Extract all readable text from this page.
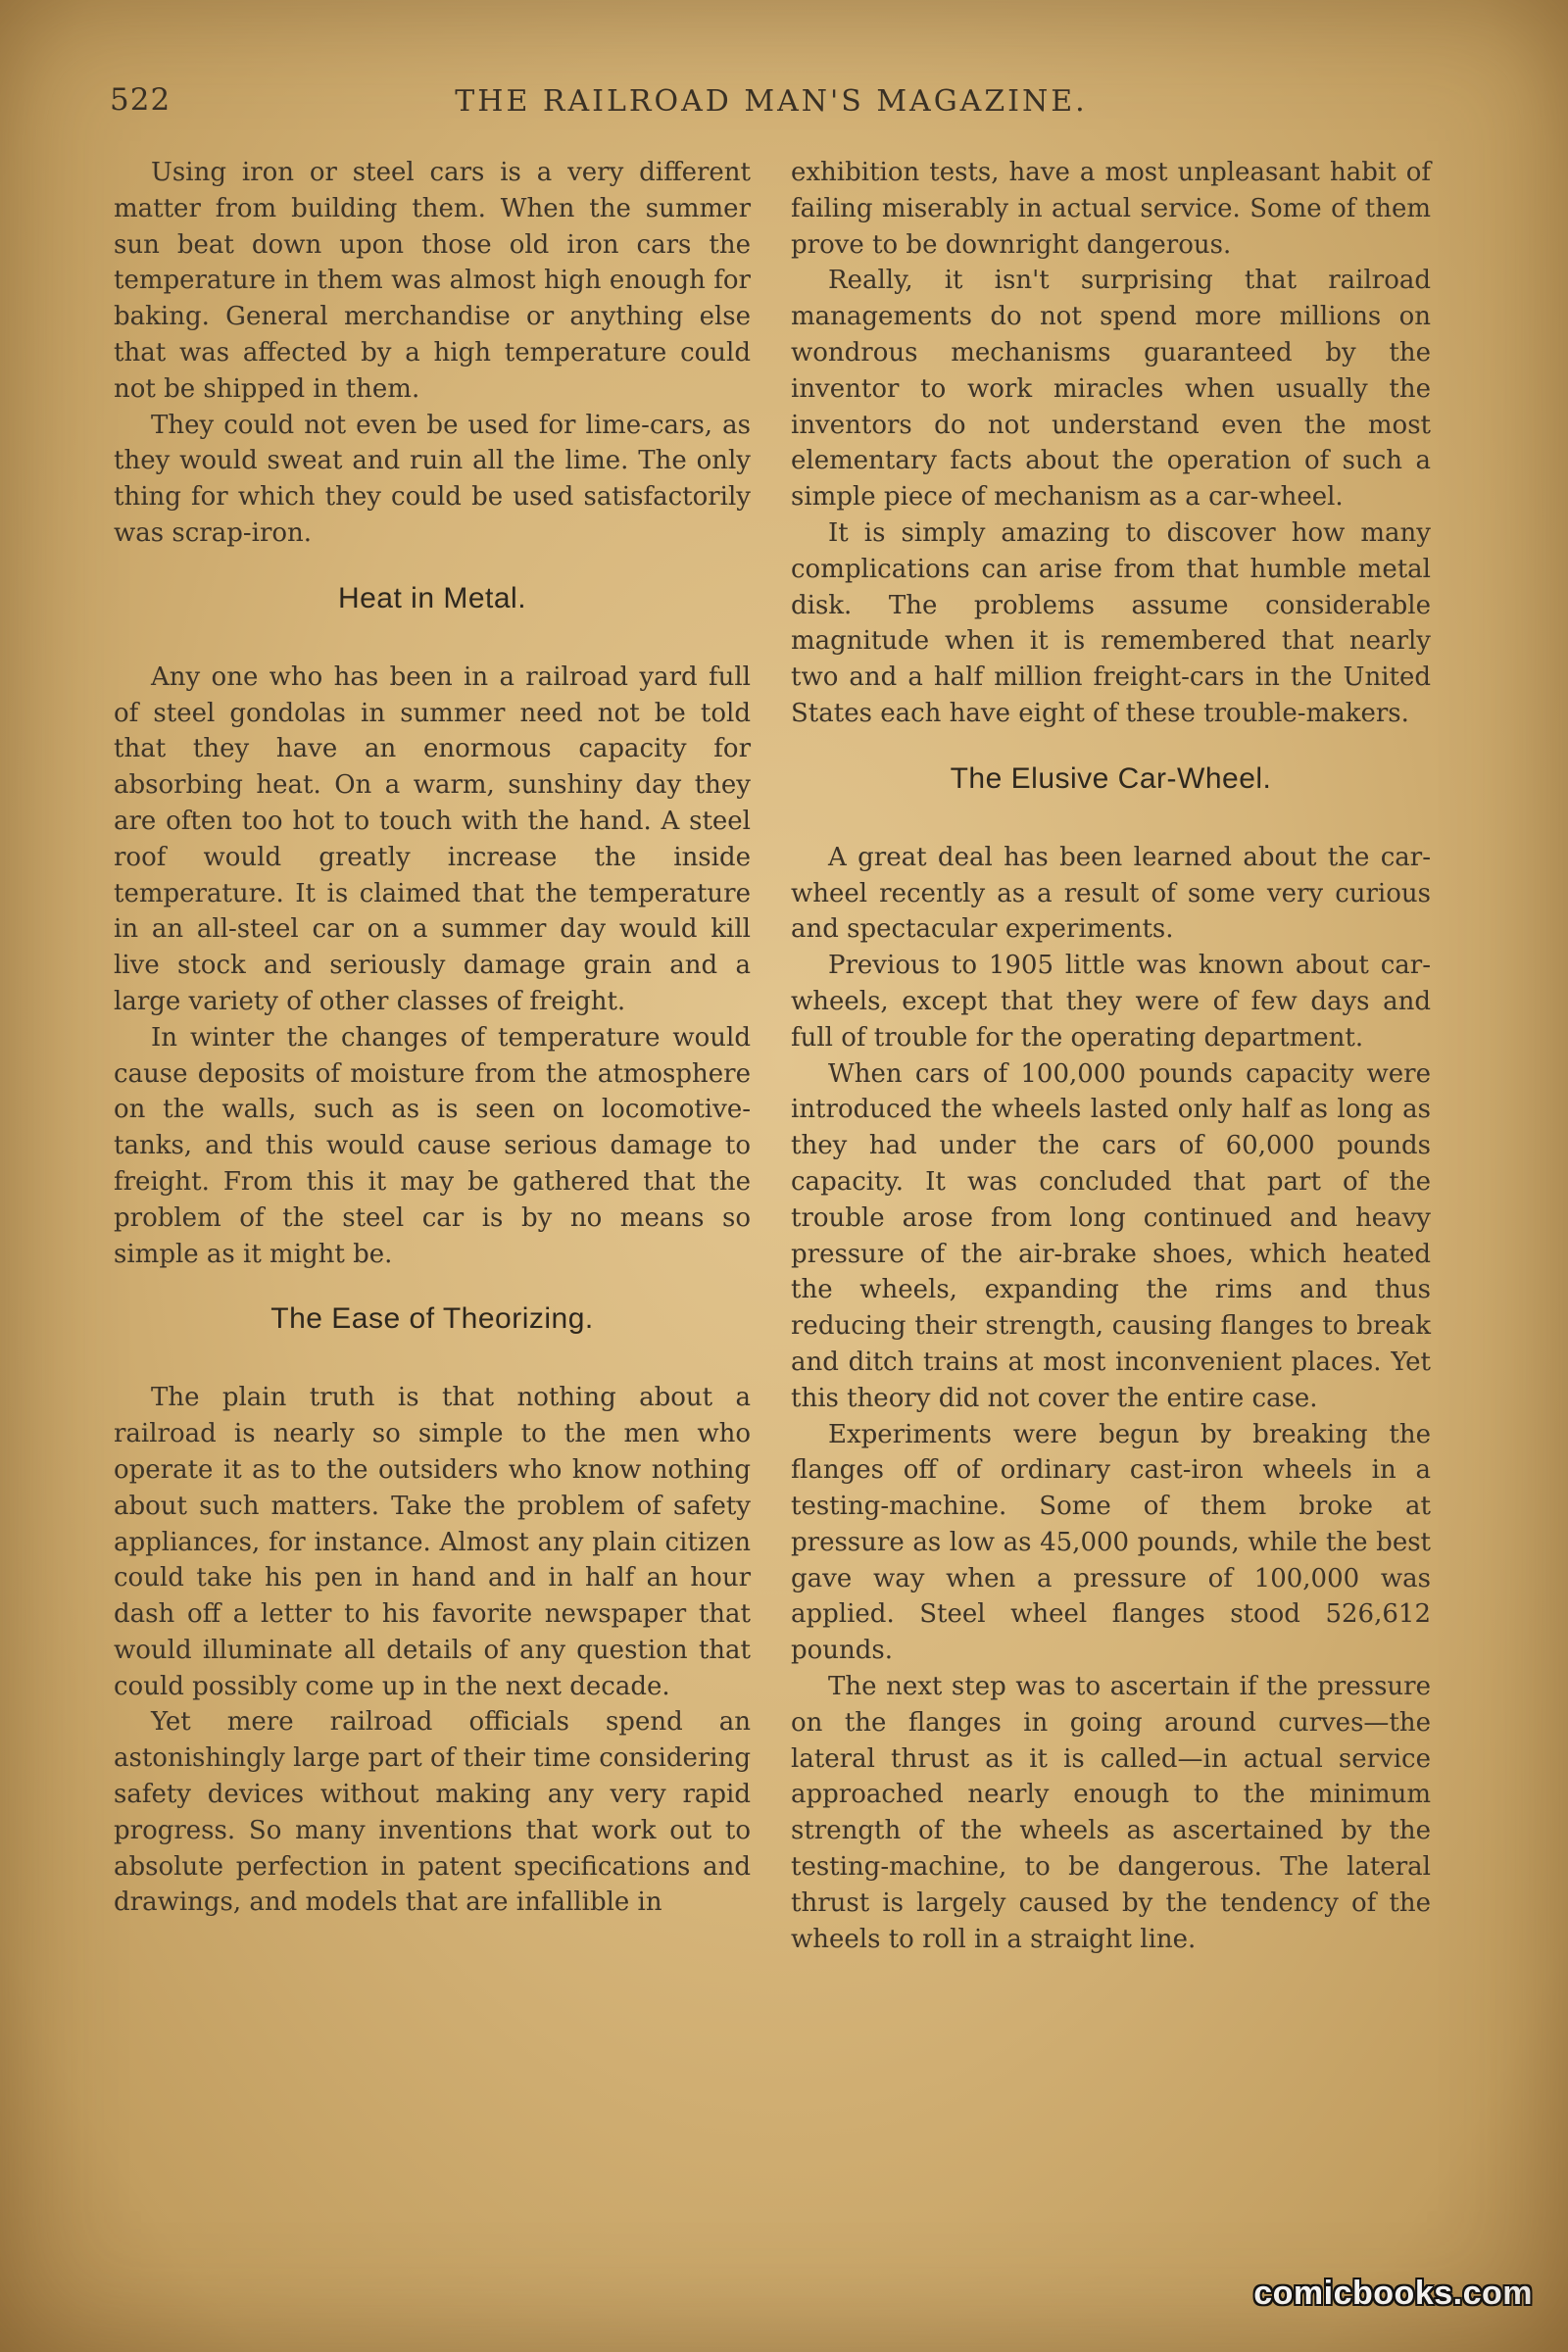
522	THE RAILROAD MAN'S MAGAZINE.

Using iron or steel cars is a very different matter from building them. When the summer sun beat down upon those old iron cars the temperature in them was almost high enough for baking. General merchandise or anything else that was affected by a high temperature could not be shipped in them.

They could not even be used for lime-cars, as they would sweat and ruin all the lime. The only thing for which they could be used satisfactorily was scrap-iron.

Heat in Metal.

Any one who has been in a railroad yard full of steel gondolas in summer need not be told that they have an enormous capacity for absorbing heat. On a warm, sunshiny day they are often too hot to touch with the hand. A steel roof would greatly increase the inside temperature. It is claimed that the temperature in an all-steel car on a summer day would kill live stock and seriously damage grain and a large variety of other classes of freight.

In winter the changes of temperature would cause deposits of moisture from the atmosphere on the walls, such as is seen on locomotive-tanks, and this would cause serious damage to freight. From this it may be gathered that the problem of the steel car is by no means so simple as it might be.

The Ease of Theorizing.

The plain truth is that nothing about a railroad is nearly so simple to the men who operate it as to the outsiders who know nothing about such matters. Take the problem of safety appliances, for instance. Almost any plain citizen could take his pen in hand and in half an hour dash off a letter to his favorite newspaper that would illuminate all details of any question that could possibly come up in the next decade.

Yet mere railroad officials spend an astonishingly large part of their time considering safety devices without making any very rapid progress. So many inventions that work out to absolute perfection in patent specifications and drawings, and models that are infallible in

exhibition tests, have a most unpleasant habit of failing miserably in actual service. Some of them prove to be downright dangerous.

Really, it isn't surprising that railroad managements do not spend more millions on wondrous mechanisms guaranteed by the inventor to work miracles when usually the inventors do not understand even the most elementary facts about the operation of such a simple piece of mechanism as a car-wheel.

It is simply amazing to discover how many complications can arise from that humble metal disk. The problems assume considerable magnitude when it is remembered that nearly two and a half million freight-cars in the United States each have eight of these trouble-makers.

The Elusive Car-Wheel.

A great deal has been learned about the car-wheel recently as a result of some very curious and spectacular experiments.

Previous to 1905 little was known about car-wheels, except that they were of few days and full of trouble for the operating department.

When cars of 100,000 pounds capacity were introduced the wheels lasted only half as long as they had under the cars of 60,000 pounds capacity. It was concluded that part of the trouble arose from long continued and heavy pressure of the air-brake shoes, which heated the wheels, expanding the rims and thus reducing their strength, causing flanges to break and ditch trains at most inconvenient places. Yet this theory did not cover the entire case.

Experiments were begun by breaking the flanges off of ordinary cast-iron wheels in a testing-machine. Some of them broke at pressure as low as 45,000 pounds, while the best gave way when a pressure of 100,000 was applied. Steel wheel flanges stood 526,612 pounds.

The next step was to ascertain if the pressure on the flanges in going around curves—the lateral thrust as it is called—in actual service approached nearly enough to the minimum strength of the wheels as ascertained by the testing-machine, to be dangerous. The lateral thrust is largely caused by the tendency of the wheels to roll in a straight line.

comicbooks.com
